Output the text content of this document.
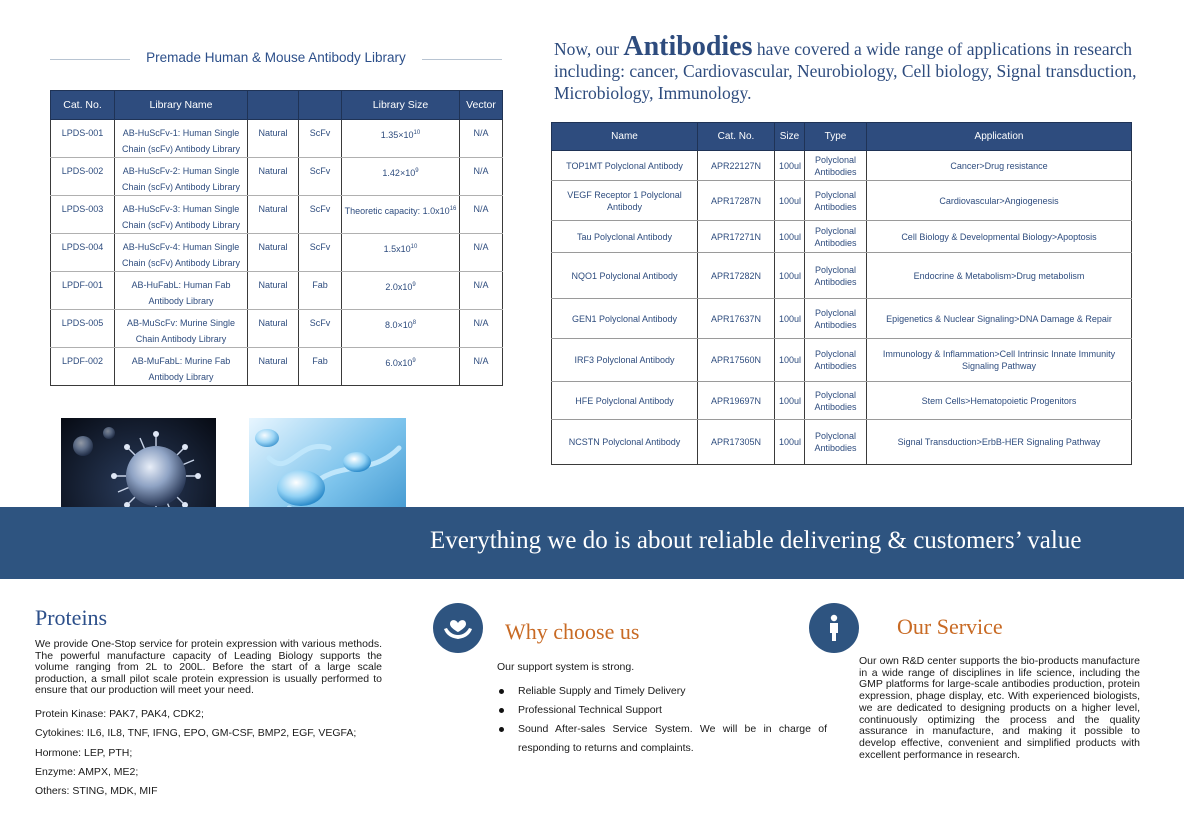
Premade Human & Mouse Antibody Library
Cat. No.	Library Name			Library Size	Vector
LPDS-001	AB-HuScFv-1: Human Single Chain (scFv) Antibody Library	Natural	ScFv	$1.35\times 10^{10}$	N/A
LPDS-002	AB-HuScFv-2: Human Single Chain (scFv) Antibody Library	Natural	ScFv	$1.42\times 10^9$	N/A
LPDS-003	AB-HuScFv-3: Human Single Chain (scFv) Antibody Library	Natural	ScFv	Theoretic capacity: $1.0x10^{16}$	N/A
LPDS-004	AB-HuScFv-4: Human Single Chain (scFv) Antibody Library	Natural	ScFv	$1.5x10^{10}$	N/A
LPDF-001	AB-HuFabL: Human Fab Antibody Library	Natural	Fab	$2.0x10^9$	N/A
LPDS-005	AB-MuScFv: Murine Single Chain Antibody Library	Natural	ScFv	$8.0\times 10^8$	N/A
LPDF-002	AB-MuFabL: Murine Fab Antibody Library	Natural	Fab	$6.0x10^9$	N/A
Now, our Antibodies have covered a wide range of applications in research including: cancer, Cardiovascular, Neurobiology, Cell biology, Signal transduction, Microbiology, Immunology.
Name	Cat. No.	Size	Type	Application
TOP1MT Polyclonal Antibody	APR22127N	100ul	Polyclonal Antibodies	Cancer>Drug resistance
VEGF Receptor 1 Polyclonal Antibody	APR17287N	100ul	Polyclonal Antibodies	Cardiovascular>Angiogenesis
Tau Polyclonal Antibody	APR17271N	100ul	Polyclonal Antibodies	Cell Biology & Developmental Biology>Apoptosis
NQO1 Polyclonal Antibody	APR17282N	100ul	Polyclonal Antibodies	Endocrine & Metabolism>Drug metabolism
GEN1 Polyclonal Antibody	APR17637N	100ul	Polyclonal Antibodies	Epigenetics & Nuclear Signaling>DNA Damage & Repair
IRF3 Polyclonal Antibody	APR17560N	100ul	Polyclonal Antibodies	Immunology & Inflammation>Cell Intrinsic Innate Immunity Signaling Pathway
HFE Polyclonal Antibody	APR19697N	100ul	Polyclonal Antibodies	Stem Cells>Hematopoietic Progenitors
NCSTN Polyclonal Antibody	APR17305N	100ul	Polyclonal Antibodies	Signal Transduction>ErbB-HER Signaling Pathway
Everything we do is about reliable delivering & customers’ value
Proteins
We provide One-Stop service for protein expression with various methods. The powerful manufacture capacity of Leading Biology supports the volume ranging from 2L to 200L. Before the start of a large scale production, a small pilot scale protein expression is usually performed to ensure that our production will meet your need.
Protein Kinase: PAK7, PAK4, CDK2;
Cytokines: IL6, IL8, TNF, IFNG, EPO, GM-CSF, BMP2, EGF, VEGFA;
Hormone: LEP, PTH;
Enzyme: AMPX, ME2;
Others: STING, MDK, MIF
Why choose us
Our support system is strong.
Reliable Supply and Timely Delivery
Professional Technical Support
Sound After-sales Service System. We will be in charge of responding to returns and complaints.
Our Service
Our own R&D center supports the bio-products manufacture in a wide range of disciplines in life science, including the GMP platforms for large-scale antibodies production, protein expression, phage display, etc. With experienced biologists, we are dedicated to designing products on a higher level, continuously optimizing the process and the quality assurance in manufacture, and making it possible to develop effective, convenient and simplified products with excellent performance in research.
